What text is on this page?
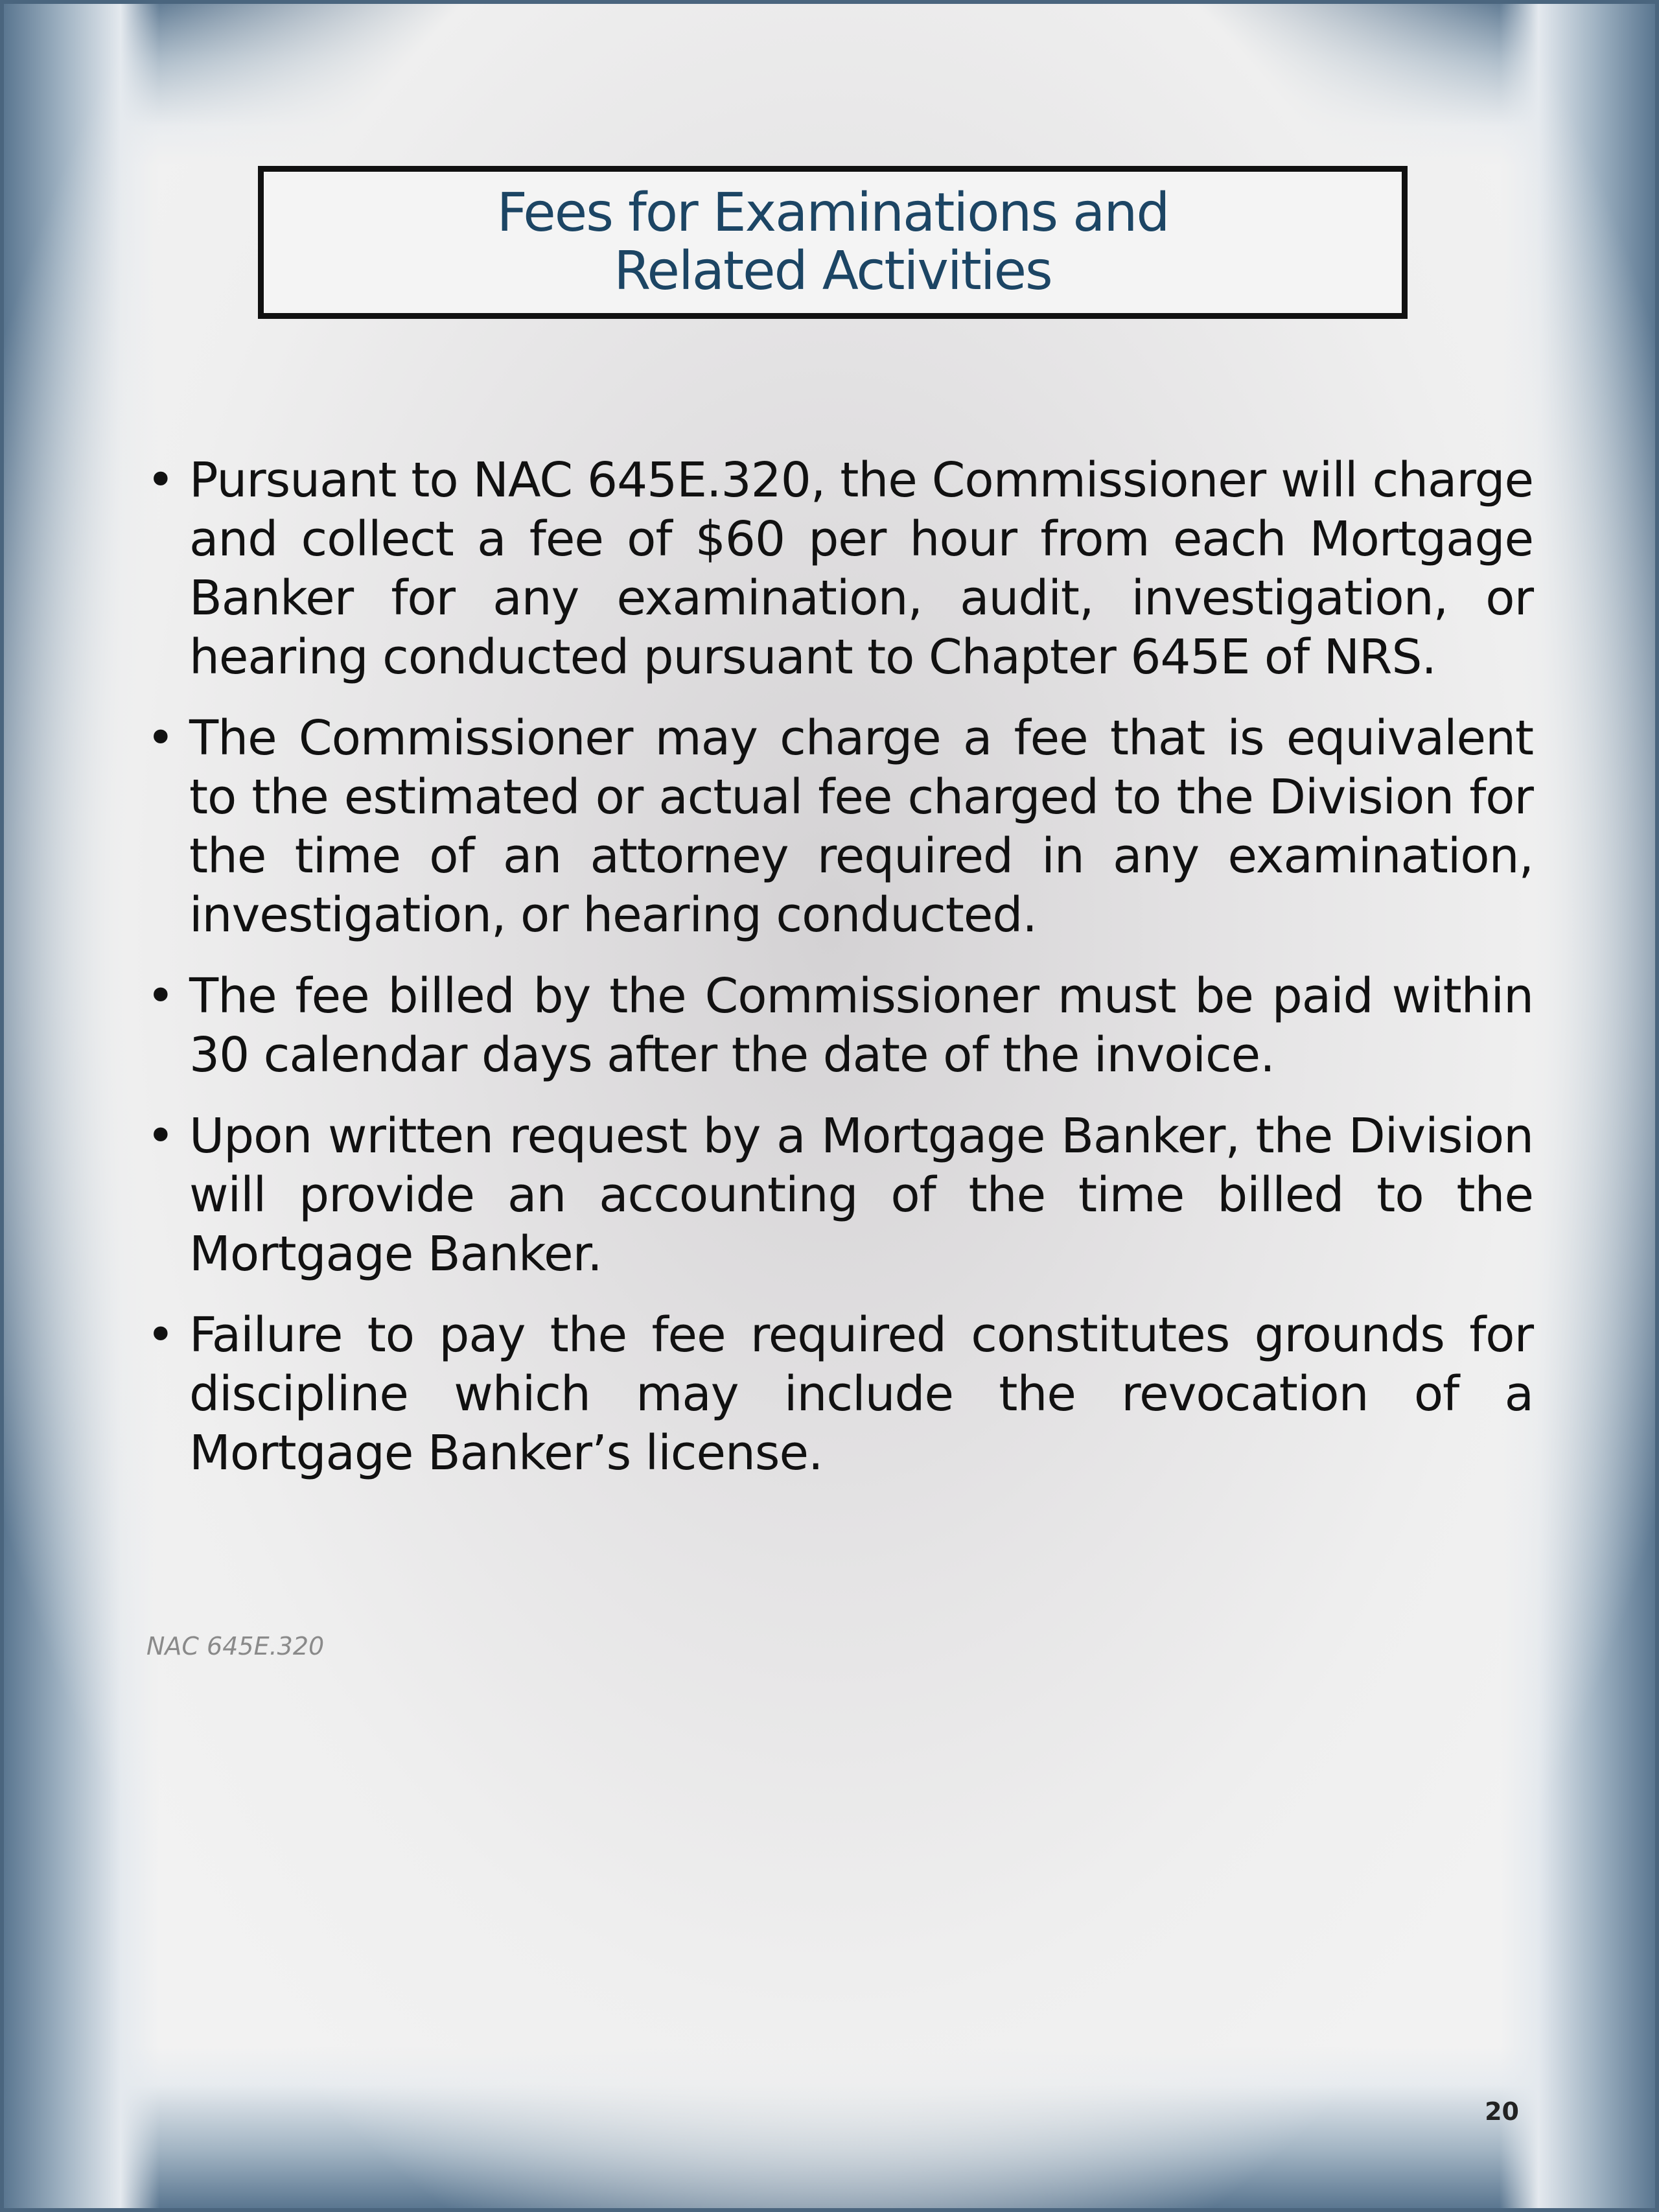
Fees for Examinations and
Related Activities
• Pursuant to NAC 645E.320, the Commissioner will charge and collect a fee of $60 per hour from each Mortgage Banker for any examination, audit, investigation, or hearing conducted pursuant to Chapter 645E of NRS.
• The Commissioner may charge a fee that is equivalent to the estimated or actual fee charged to the Division for the time of an attorney required in any examination, investigation, or hearing conducted.
• The fee billed by the Commissioner must be paid within 30 calendar days after the date of the invoice.
• Upon written request by a Mortgage Banker, the Division will provide an accounting of the time billed to the Mortgage Banker.
• Failure to pay the fee required constitutes grounds for discipline which may include the revocation of a Mortgage Banker’s license.
NAC 645E.320
20
